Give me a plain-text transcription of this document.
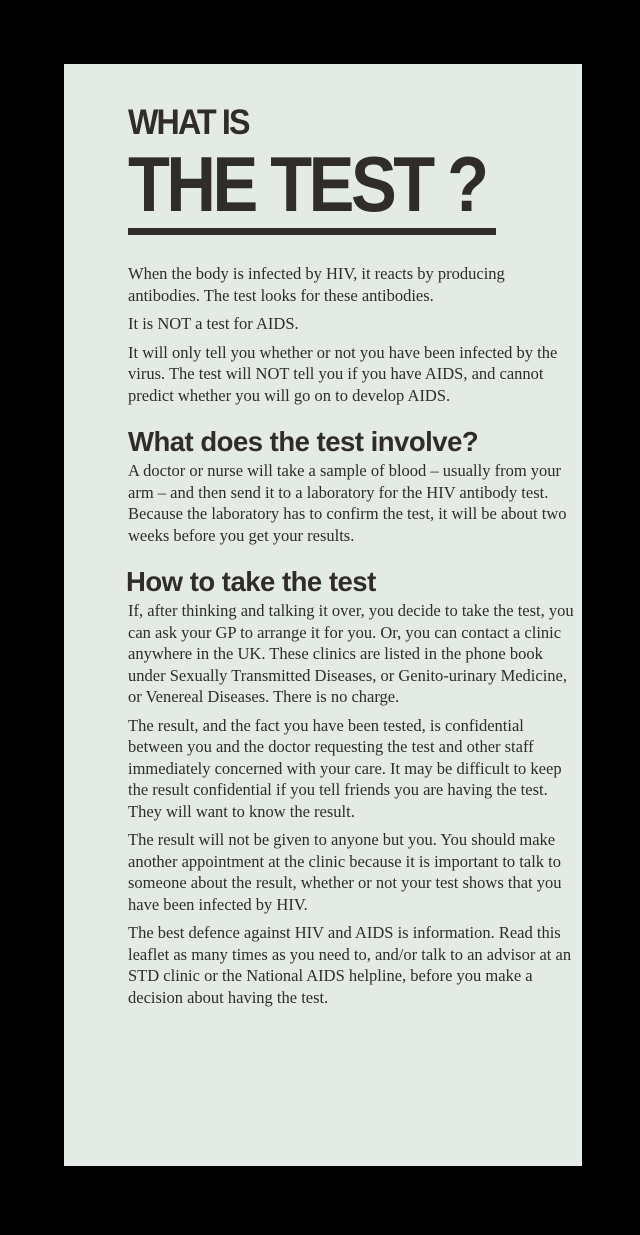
WHAT IS
THE TEST ?

When the body is infected by HIV, it reacts by producing antibodies. The test looks for these antibodies.

It is NOT a test for AIDS.

It will only tell you whether or not you have been infected by the virus. The test will NOT tell you if you have AIDS, and cannot predict whether you will go on to develop AIDS.

What does the test involve?

A doctor or nurse will take a sample of blood – usually from your arm – and then send it to a laboratory for the HIV antibody test. Because the laboratory has to confirm the test, it will be about two weeks before you get your results.

How to take the test

If, after thinking and talking it over, you decide to take the test, you can ask your GP to arrange it for you. Or, you can contact a clinic anywhere in the UK. These clinics are listed in the phone book under Sexually Transmitted Diseases, or Genito-urinary Medicine, or Venereal Diseases. There is no charge.

The result, and the fact you have been tested, is confidential between you and the doctor requesting the test and other staff immediately concerned with your care. It may be difficult to keep the result confidential if you tell friends you are having the test. They will want to know the result.

The result will not be given to anyone but you. You should make another appointment at the clinic because it is important to talk to someone about the result, whether or not your test shows that you have been infected by HIV.

The best defence against HIV and AIDS is information. Read this leaflet as many times as you need to, and/or talk to an advisor at an STD clinic or the National AIDS helpline, before you make a decision about having the test.
